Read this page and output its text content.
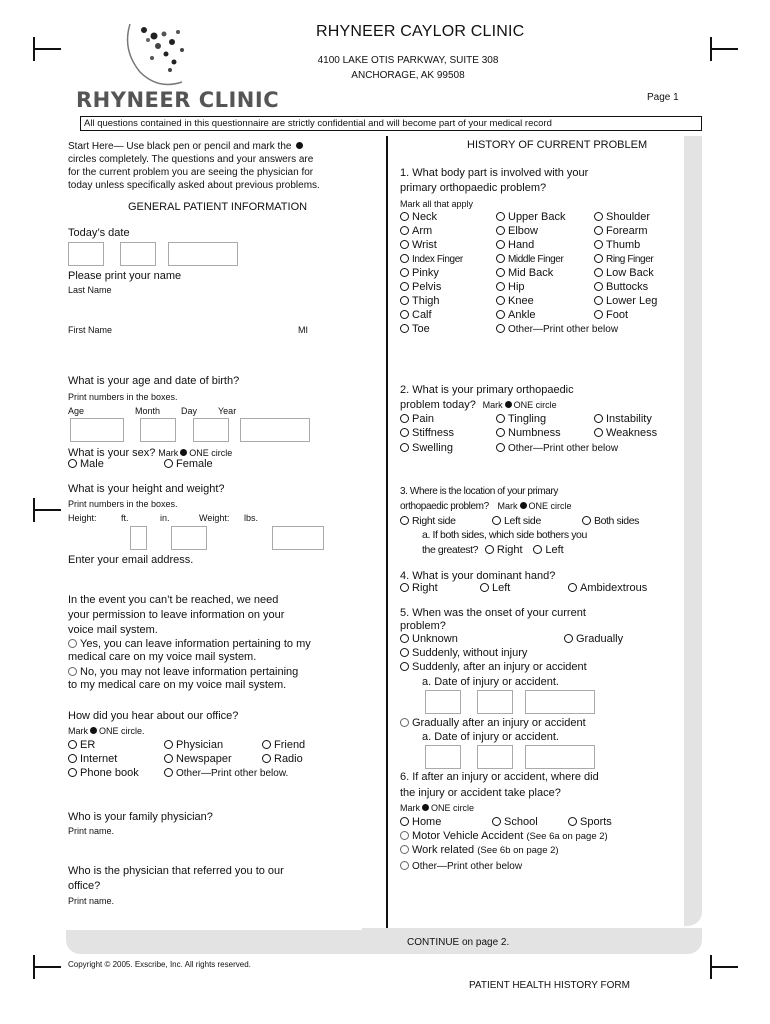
RHYNEER CLINIC
RHYNEER CAYLOR CLINIC
4100 LAKE OTIS PARKWAY, SUITE 308
ANCHORAGE, AK 99508
Page 1
All questions contained in this questionnaire are strictly confidential and will become part of your medical record
Start Here— Use black pen or pencil and mark the
circles completely. The questions and your answers are
for the current problem you are seeing the physician for
today unless specifically asked about previous problems.
GENERAL PATIENT INFORMATION
Today’s date
Please print your name
Last Name
First Name	MI
What is your age and date of birth?
Print numbers in the boxes.
Age	Month Day Year
What is your sex? Mark ONE circle
Male	Female
What is your height and weight?
Print numbers in the boxes.
Height:	ft.	in.	Weight: lbs.
Enter your email address.
In the event you can’t be reached, we need
your permission to leave information on your
voice mail system.
Yes, you can leave information pertaining to my
medical care on my voice mail system.
No, you may not leave information pertaining
to my medical care on my voice mail system.
How did you hear about our office?
Mark ONE circle.
ER	Physician	Friend
Internet	Newspaper	Radio
Phone book	Other—Print other below.
Who is your family physician?
Print name.
Who is the physician that referred you to our
office?
Print name.
HISTORY OF CURRENT PROBLEM
1. What body part is involved with your
primary orthopaedic problem?
Mark all that apply
Neck	Upper Back	Shoulder
Arm	Elbow	Forearm
Wrist	Hand	Thumb
Index Finger	Middle Finger	Ring Finger
Pinky	Mid Back	Low Back
Pelvis	Hip	Buttocks
Thigh	Knee	Lower Leg
Calf	Ankle	Foot
Toe	Other—Print other below
2. What is your primary orthopaedic
problem today? Mark ONE circle
Pain	Tingling	Instability
Stiffness	Numbness	Weakness
Swelling	Other—Print other below
3. Where is the location of your primary
orthopaedic problem? Mark ONE circle
Right side	Left side	Both sides
a. If both sides, which side bothers you
the greatest? Right Left
4. What is your dominant hand?
Right	Left	Ambidextrous
5. When was the onset of your current
problem?
Unknown	Gradually
Suddenly, without injury
Suddenly, after an injury or accident
a. Date of injury or accident.
Gradually after an injury or accident
a. Date of injury or accident.
6. If after an injury or accident, where did
the injury or accident take place?
Mark ONE circle
Home	School	Sports
Motor Vehicle Accident (See 6a on page 2)
Work related (See 6b on page 2)
Other—Print other below
CONTINUE on page 2.
Copyright © 2005. Exscribe, Inc. All rights reserved.
PATIENT HEALTH HISTORY FORM
